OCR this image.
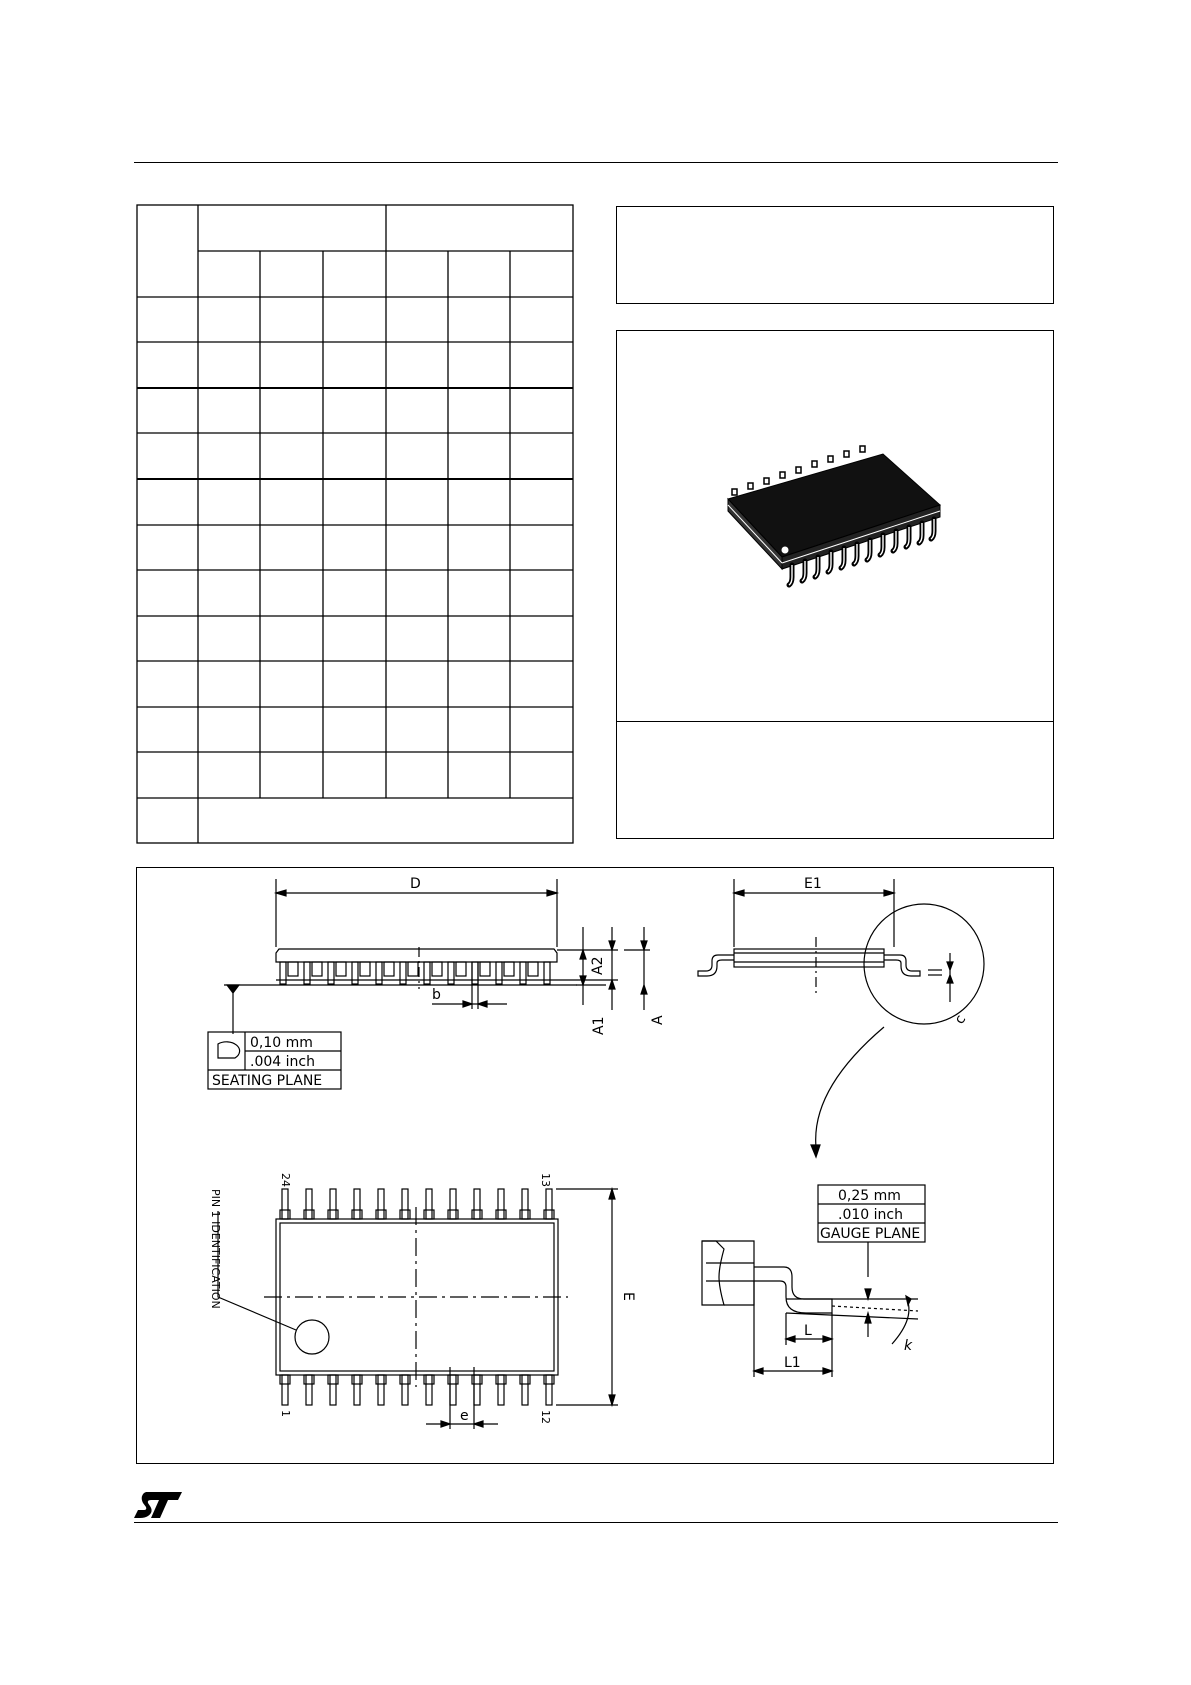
D	E1
A2
A1	A
b
c
E
e
L
L1
k
0,10 mm
.004 inch
SEATING PLANE
0,25 mm
.010 inch
GAUGE PLANE
24	13
1	12
PIN 1 IDENTIFICATION
